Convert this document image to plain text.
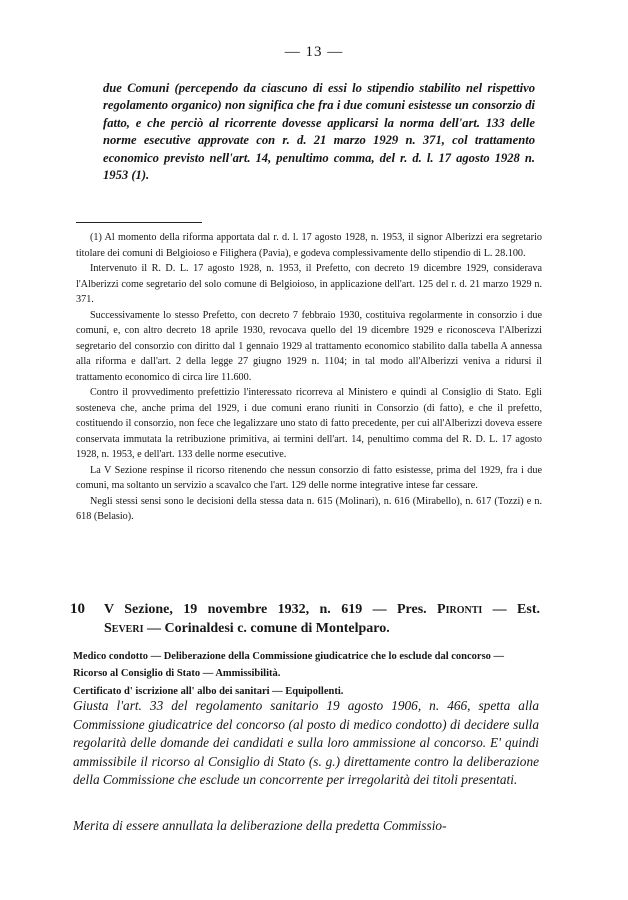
— 13 —

due Comuni (percependo da ciascuno di essi lo stipendio stabilito nel rispettivo regolamento organico) non significa che fra i due comuni esistesse un consorzio di fatto, e che perciò al ricorrente dovesse applicarsi la norma dell'art. 133 delle norme esecutive approvate con r. d. 21 marzo 1929 n. 371, col trattamento economico previsto nell'art. 14, penultimo comma, del r. d. l. 17 agosto 1928 n. 1953 (1).

(1) Al momento della riforma apportata dal r. d. l. 17 agosto 1928, n. 1953, il signor Alberizzi era segretario titolare dei comuni di Belgioioso e Filighera (Pavia), e godeva complessivamente dello stipendio di L. 28.100.

Intervenuto il R. D. L. 17 agosto 1928, n. 1953, il Prefetto, con decreto 19 dicembre 1929, considerava l'Alberizzi come segretario del solo comune di Belgioioso, in applicazione dell'art. 125 del r. d. 21 marzo 1929 n. 371.

Successivamente lo stesso Prefetto, con decreto 7 febbraio 1930, costituiva regolarmente in consorzio i due comuni, e, con altro decreto 18 aprile 1930, revocava quello del 19 dicembre 1929 e riconosceva l'Alberizzi segretario del consorzio con diritto dal 1 gennaio 1929 al trattamento economico stabilito dalla tabella A annessa alla riforma e dall'art. 2 della legge 27 giugno 1929 n. 1104; in tal modo all'Alberizzi veniva a ridursi il trattamento economico di circa lire 11.600.

Contro il provvedimento prefettizio l'interessato ricorreva al Ministero e quindi al Consiglio di Stato. Egli sosteneva che, anche prima del 1929, i due comuni erano riuniti in Consorzio (di fatto), e che il prefetto, costituendo il consorzio, non fece che legalizzare uno stato di fatto precedente, per cui all'Alberizzi doveva essere conservata immutata la retribuzione primitiva, ai termini dell'art. 14, penultimo comma del R. D. L. 17 agosto 1928, n. 1953, e dell'art. 133 delle norme esecutive.

La V Sezione respinse il ricorso ritenendo che nessun consorzio di fatto esistesse, prima del 1929, fra i due comuni, ma soltanto un servizio a scavalco che l'art. 129 delle norme integrative intese far cessare.

Negli stessi sensi sono le decisioni della stessa data n. 615 (Molinari), n. 616 (Mirabello), n. 617 (Tozzi) e n. 618 (Belasio).

10 V Sezione, 19 novembre 1932, n. 619 — Pres. Pironti — Est.
Severi — Corinaldesi c. comune di Montelparo.

Medico condotto — Deliberazione della Commissione giudicatrice che lo esclude dal concorso — Ricorso al Consiglio di Stato — Ammissibilità.

Certificato d' iscrizione all' albo dei sanitari — Equipollenti.

Giusta l'art. 33 del regolamento sanitario 19 agosto 1906, n. 466, spetta alla Commissione giudicatrice del concorso (al posto di medico condotto) di decidere sulla regolarità delle domande dei candidati e sulla loro ammissione al concorso. E' quindi ammissibile il ricorso al Consiglio di Stato (s. g.) direttamente contro la deliberazione della Commissione che esclude un concorrente per irregolarità dei titoli presentati.

Merita di essere annullata la deliberazione della predetta Commissio-
